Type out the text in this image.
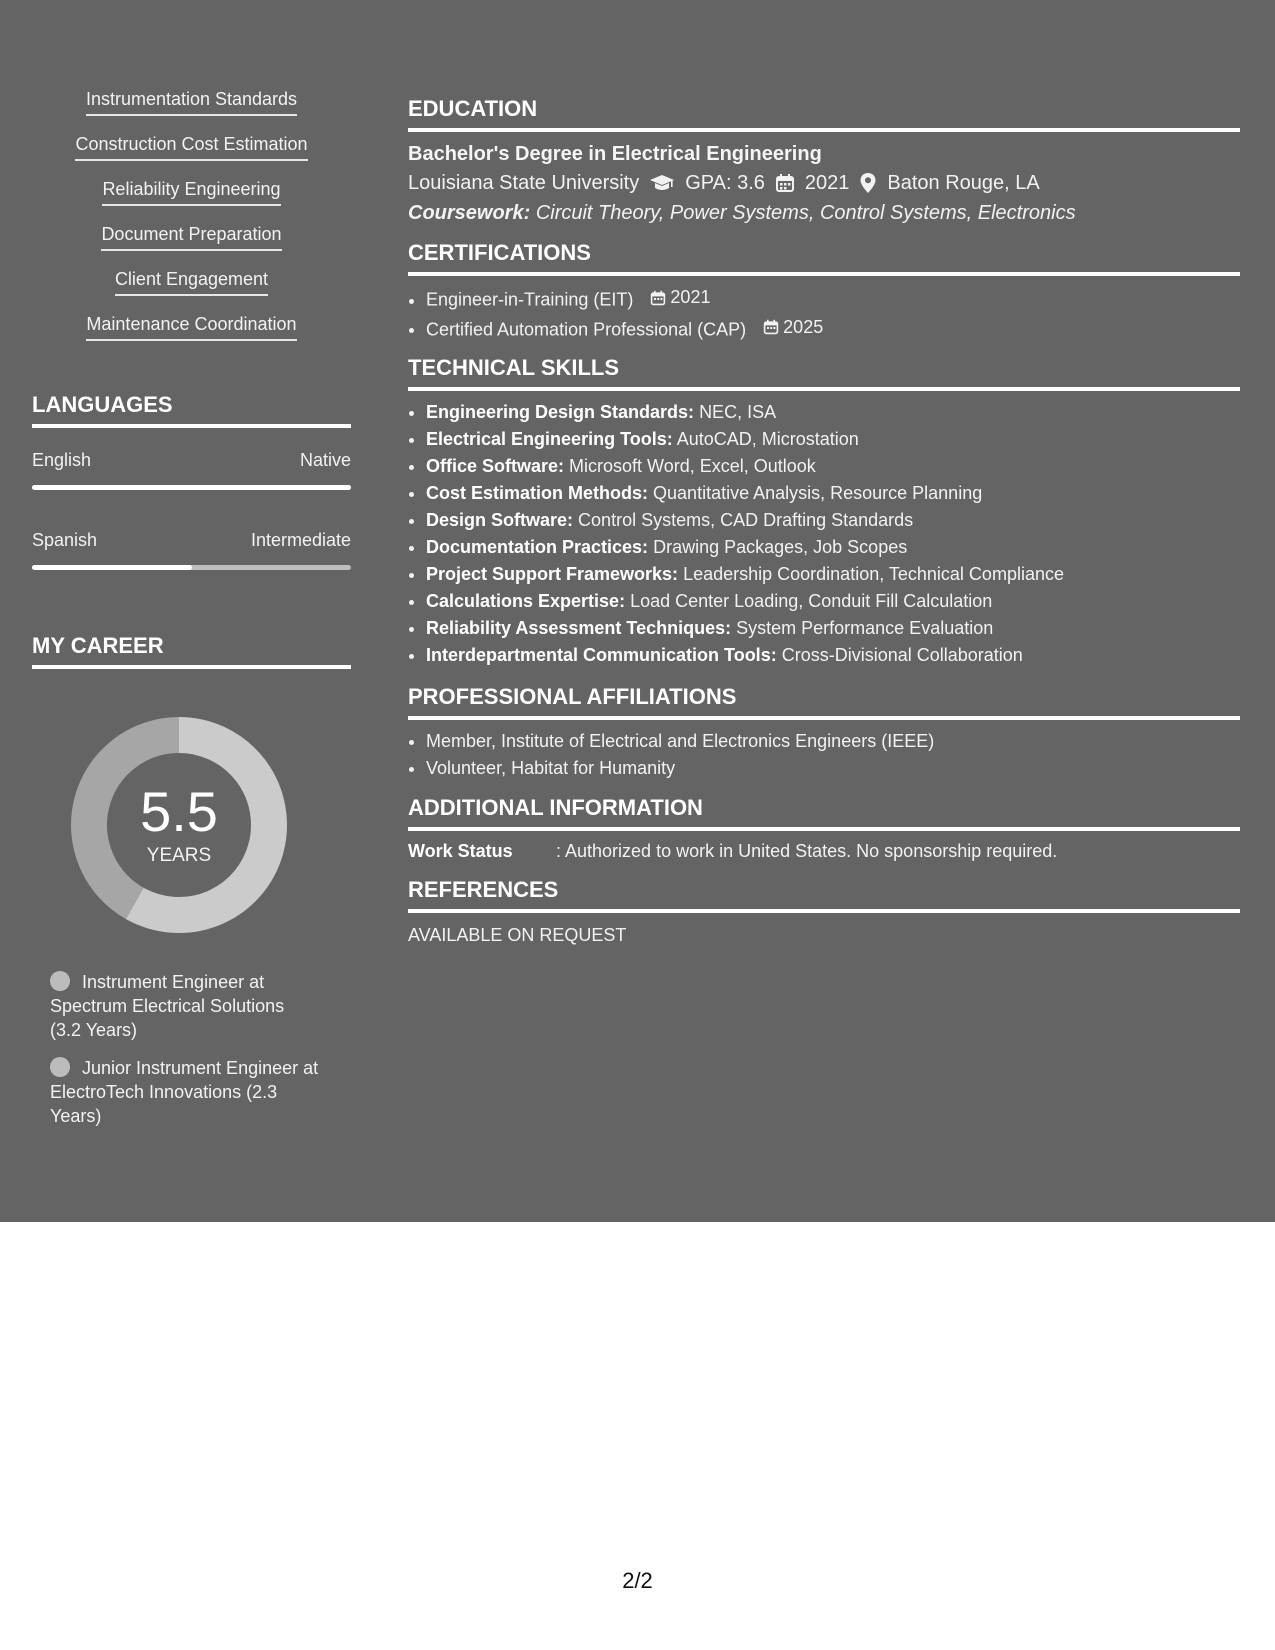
Instrumentation Standards
Construction Cost Estimation
Reliability Engineering
Document Preparation
Client Engagement
Maintenance Coordination
LANGUAGES
English	Native
Spanish	Intermediate
MY CAREER
5.5
YEARS
Instrument Engineer at Spectrum Electrical Solutions (3.2 Years)
Junior Instrument Engineer at ElectroTech Innovations (2.3 Years)
EDUCATION
Bachelor's Degree in Electrical Engineering
Louisiana State University GPA: 3.6 2021 Baton Rouge, LA
Coursework: Circuit Theory, Power Systems, Control Systems, Electronics
CERTIFICATIONS
• Engineer-in-Training (EIT) 2021
• Certified Automation Professional (CAP) 2025
TECHNICAL SKILLS
• Engineering Design Standards: NEC, ISA
• Electrical Engineering Tools: AutoCAD, Microstation
• Office Software: Microsoft Word, Excel, Outlook
• Cost Estimation Methods: Quantitative Analysis, Resource Planning
• Design Software: Control Systems, CAD Drafting Standards
• Documentation Practices: Drawing Packages, Job Scopes
• Project Support Frameworks: Leadership Coordination, Technical Compliance
• Calculations Expertise: Load Center Loading, Conduit Fill Calculation
• Reliability Assessment Techniques: System Performance Evaluation
• Interdepartmental Communication Tools: Cross-Divisional Collaboration
PROFESSIONAL AFFILIATIONS
• Member, Institute of Electrical and Electronics Engineers (IEEE)
• Volunteer, Habitat for Humanity
ADDITIONAL INFORMATION
Work Status	: Authorized to work in United States. No sponsorship required.
REFERENCES
AVAILABLE ON REQUEST
2/2
